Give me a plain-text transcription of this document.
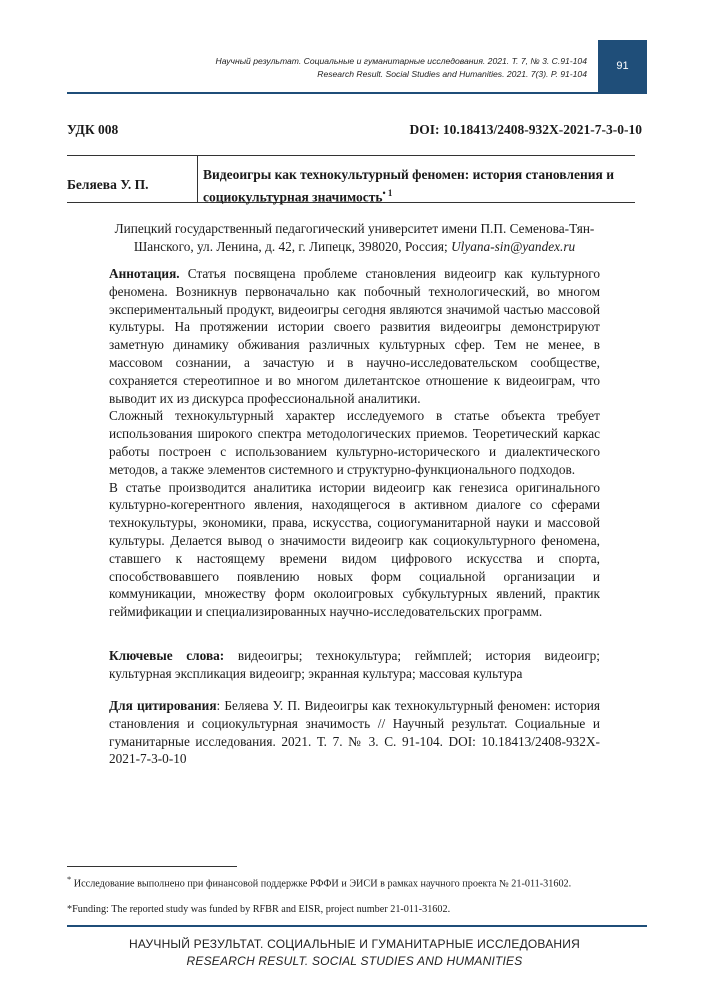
Научный результат. Социальные и гуманитарные исследования. 2021. Т. 7, № 3. С.91-104
Research Result. Social Studies and Humanities. 2021. 7(3). P. 91-104
91
УДК 008	DOI: 10.18413/2408-932X-2021-7-3-0-10
Беляева У. П.
Видеоигры как технокультурный феномен: история становления и социокультурная значимость$^{• 1}$
Липецкий государственный педагогический университет имени П.П. Семенова-Тян-Шанского, ул. Ленина, д. 42, г. Липецк, 398020, Россия; Ulyana-sin@yandex.ru

Аннотация. Статья посвящена проблеме становления видеоигр как культурного феномена. Возникнув первоначально как побочный технологический, во многом экспериментальный продукт, видеоигры сегодня являются значимой частью массовой культуры. На протяжении истории своего развития видеоигры демонстрируют заметную динамику обживания различных культурных сфер. Тем не менее, в массовом сознании, а зачастую и в научно-исследовательском сообществе, сохраняется стереотипное и во многом дилетантское отношение к видеоиграм, что выводит их из дискурса профессиональной аналитики.

Сложный технокультурный характер исследуемого в статье объекта требует использования широкого спектра методологических приемов. Теоретический каркас работы построен с использованием культурно-исторического и диалектического методов, а также элементов системного и структурно-функционального подходов.

В статье производится аналитика истории видеоигр как генезиса оригинального культурно-когерентного явления, находящегося в активном диалоге со сферами технокультуры, экономики, права, искусства, социогуманитарной науки и массовой культуры. Делается вывод о значимости видеоигр как социокультурного феномена, ставшего к настоящему времени видом цифрового искусства и спорта, способствовавшего появлению новых форм социальной организации и коммуникации, множеству форм околоигровых субкультурных явлений, практик геймификации и специализированных научно-исследовательских программ.

Ключевые слова: видеоигры; технокультура; геймплей; история видеоигр; культурная экспликация видеоигр; экранная культура; массовая культура
Для цитирования: Беляева У. П. Видеоигры как технокультурный феномен: история становления и социокультурная значимость // Научный результат. Социальные и гуманитарные исследования. 2021. Т. 7. № 3. С. 91-104. DOI: 10.18413/2408-932X-2021-7-3-0-10
* Исследование выполнено при финансовой поддержке РФФИ и ЭИСИ в рамках научного проекта № 21-011-31602.
*Funding: The reported study was funded by RFBR and EISR, project number 21-011-31602.
НАУЧНЫЙ РЕЗУЛЬТАТ. СОЦИАЛЬНЫЕ И ГУМАНИТАРНЫЕ ИССЛЕДОВАНИЯ
RESEARCH RESULT. SOCIAL STUDIES AND HUMANITIES
